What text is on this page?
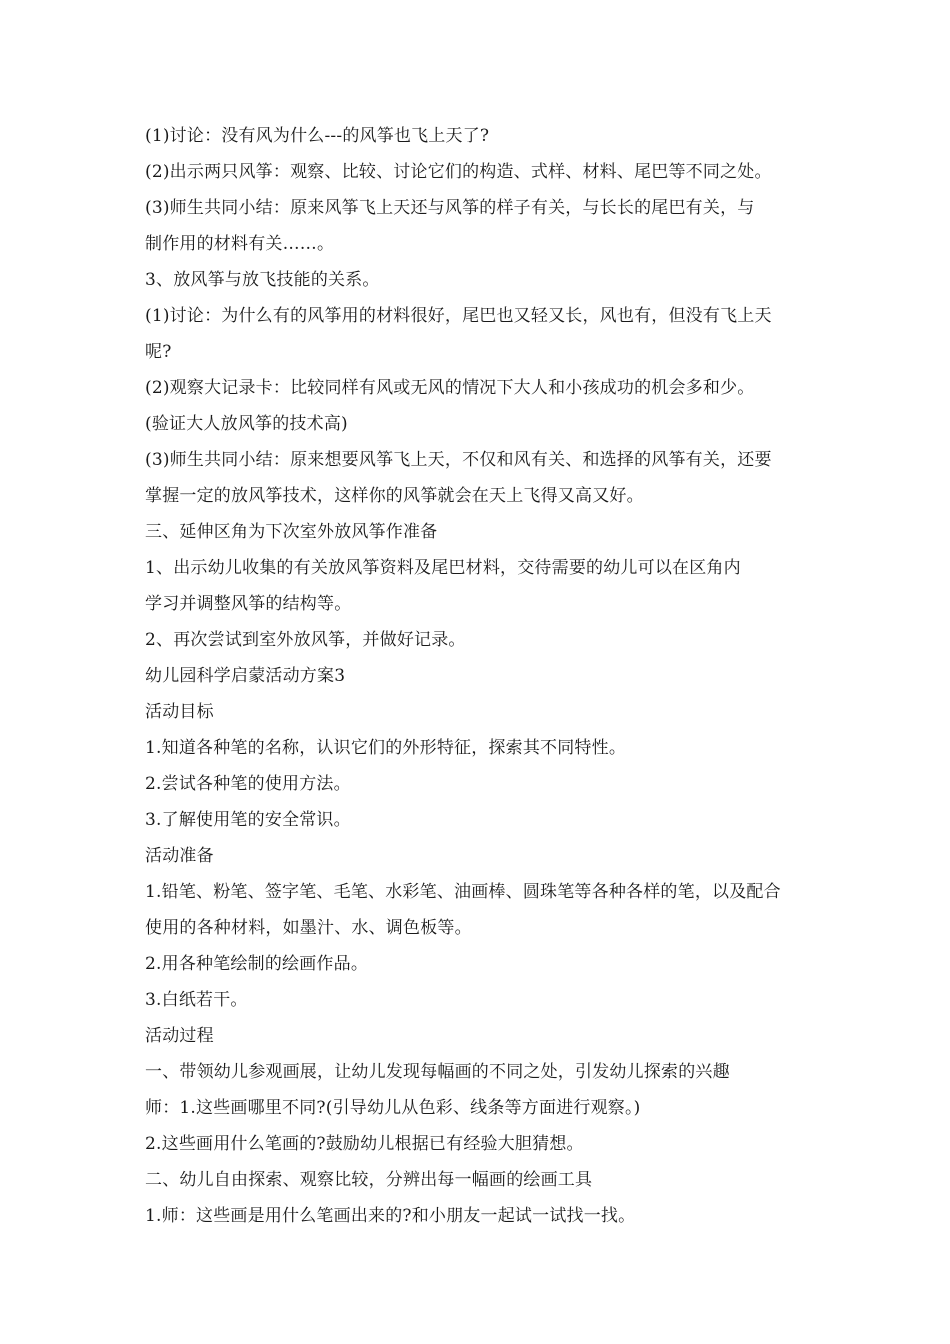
(1)讨论：没有风为什么---的风筝也飞上天了?
(2)出示两只风筝：观察、比较、讨论它们的构造、式样、材料、尾巴等不同之处。
(3)师生共同小结：原来风筝飞上天还与风筝的样子有关，与长长的尾巴有关，与
制作用的材料有关……。
3、放风筝与放飞技能的关系。
(1)讨论：为什么有的风筝用的材料很好，尾巴也又轻又长，风也有，但没有飞上天
呢?
(2)观察大记录卡：比较同样有风或无风的情况下大人和小孩成功的机会多和少。
(验证大人放风筝的技术高)
(3)师生共同小结：原来想要风筝飞上天，不仅和风有关、和选择的风筝有关，还要
掌握一定的放风筝技术，这样你的风筝就会在天上飞得又高又好。
三、延伸区角为下次室外放风筝作准备
1、出示幼儿收集的有关放风筝资料及尾巴材料，交待需要的幼儿可以在区角内
学习并调整风筝的结构等。
2、再次尝试到室外放风筝，并做好记录。
幼儿园科学启蒙活动方案3
活动目标
1.知道各种笔的名称，认识它们的外形特征，探索其不同特性。
2.尝试各种笔的使用方法。
3.了解使用笔的安全常识。
活动准备
1.铅笔、粉笔、签字笔、毛笔、水彩笔、油画棒、圆珠笔等各种各样的笔，以及配合
使用的各种材料，如墨汁、水、调色板等。
2.用各种笔绘制的绘画作品。
3.白纸若干。
活动过程
一、带领幼儿参观画展，让幼儿发现每幅画的不同之处，引发幼儿探索的兴趣
师：1.这些画哪里不同?(引导幼儿从色彩、线条等方面进行观察。)
2.这些画用什么笔画的?鼓励幼儿根据已有经验大胆猜想。
二、幼儿自由探索、观察比较，分辨出每一幅画的绘画工具
1.师：这些画是用什么笔画出来的?和小朋友一起试一试找一找。
